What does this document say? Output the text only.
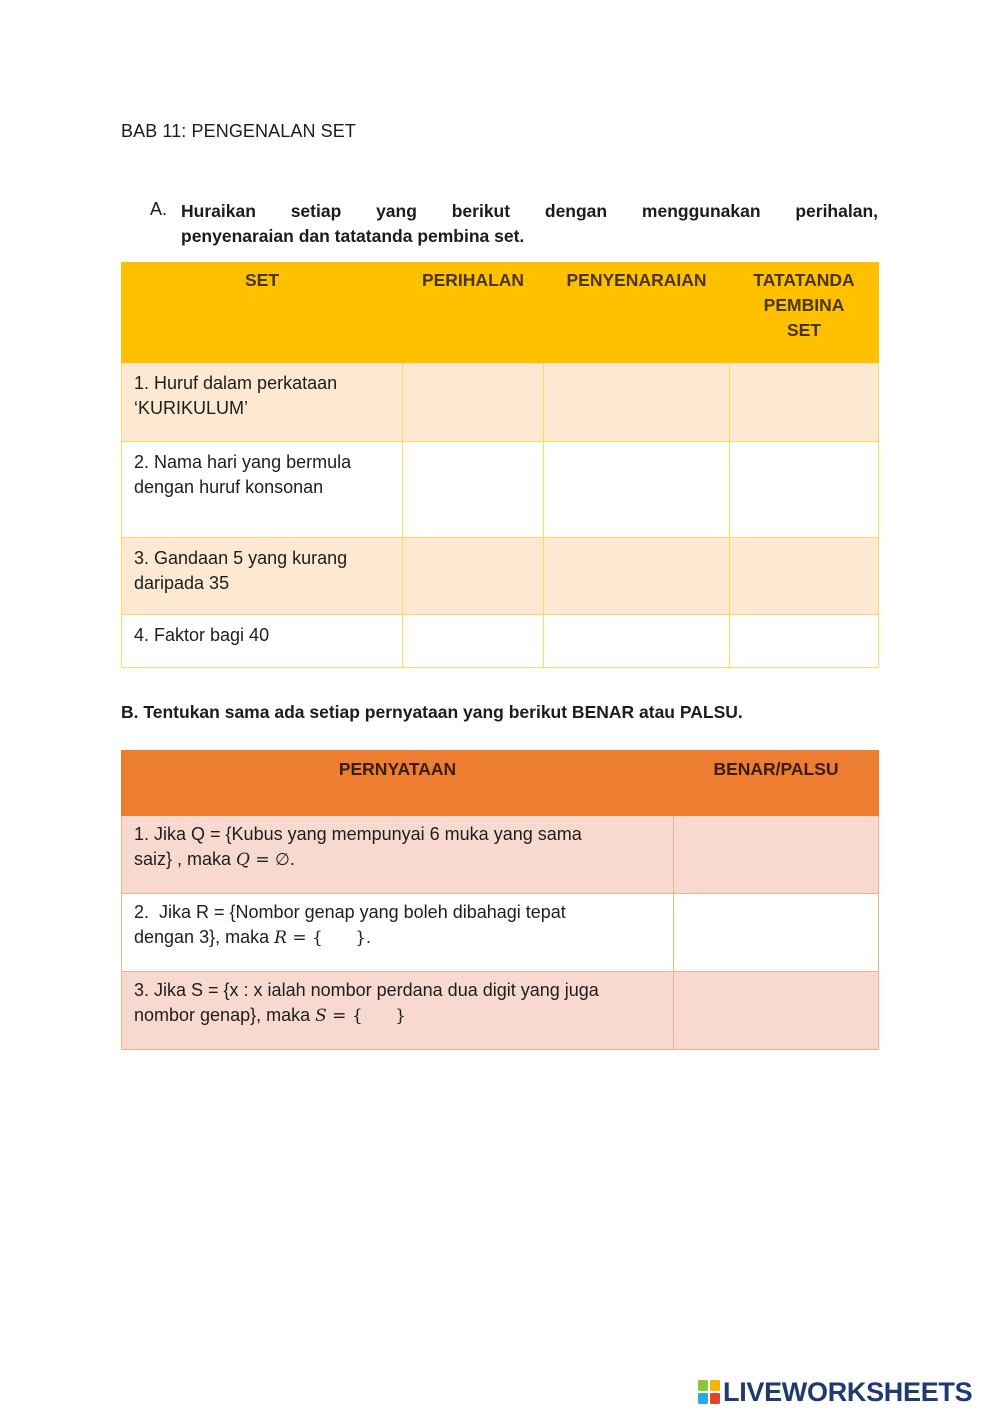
BAB 11: PENGENALAN SET
A. Huraikan setiap yang berikut dengan menggunakan perihalan,
penyenaraian dan tatatanda pembina set.
SET	PERIHALAN	PENYENARAIAN	TATATANDA
PEMBINA
SET

1. Huruf dalam perkataan
‘KURIKULUM’			

2. Nama hari yang bermula
dengan huruf konsonan			

3. Gandaan 5 yang kurang
daripada 35			

4. Faktor bagi 40			

B. Tentukan sama ada setiap pernyataan yang berikut BENAR atau PALSU.
PERNYATAAN	BENAR/PALSU

1. Jika Q = {Kubus yang mempunyai 6 muka yang sama
saiz} , maka Q = ∅.	

2.  Jika R = {Nombor genap yang boleh dibahagi tepat
dengan 3}, maka R = {      }.	

3. Jika S = {x : x ialah nombor perdana dua digit yang juga
nombor genap}, maka S = {      }	

LIVEWORKSHEETS
